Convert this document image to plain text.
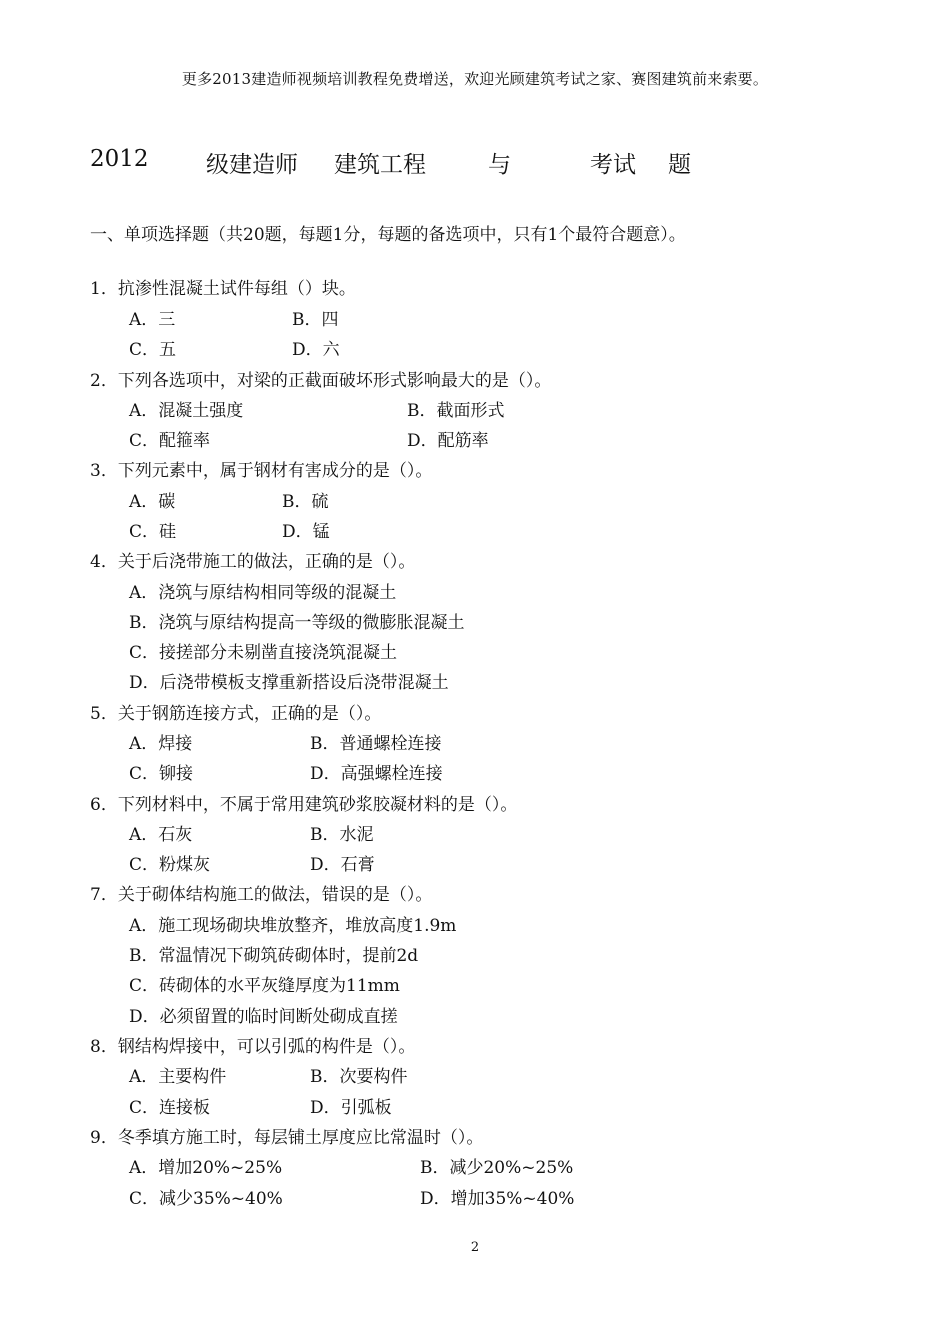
更多2013建造师视频培训教程免费增送，欢迎光顾建筑考试之家、赛图建筑前来索要。
2012 级建造师 建筑工程	与	考试 题
一、单项选择题（共20题，每题1分，每题的备选项中，只有1个最符合题意）。
1．抗渗性混凝土试件每组（）块。
A．三	B．四
C．五	D．六
2．下列各选项中，对梁的正截面破坏形式影响最大的是（）。
A．混凝土强度	B．截面形式
C．配箍率	D．配筋率
3．下列元素中，属于钢材有害成分的是（）。
A．碳	B．硫
C．硅	D．锰
4．关于后浇带施工的做法，正确的是（）。
A．浇筑与原结构相同等级的混凝土
B．浇筑与原结构提高一等级的微膨胀混凝土
C．接搓部分未剔凿直接浇筑混凝土
D．后浇带模板支撑重新搭设后浇带混凝土
5．关于钢筋连接方式，正确的是（）。
A．焊接	B．普通螺栓连接
C．铆接	D．高强螺栓连接
6．下列材料中，不属于常用建筑砂浆胶凝材料的是（）。
A．石灰	B．水泥
C．粉煤灰	D．石膏
7．关于砌体结构施工的做法，错误的是（）。
A．施工现场砌块堆放整齐，堆放高度1.9m
B．常温情况下砌筑砖砌体时，提前2d
C．砖砌体的水平灰缝厚度为11mm
D．必须留置的临时间断处砌成直搓
8．钢结构焊接中，可以引弧的构件是（）。
A．主要构件	B．次要构件
C．连接板	D．引弧板
9．冬季填方施工时，每层铺土厚度应比常温时（）。
A．增加20%~25%	B．减少20%~25%
C．减少35%~40%	D．增加35%~40%
2
